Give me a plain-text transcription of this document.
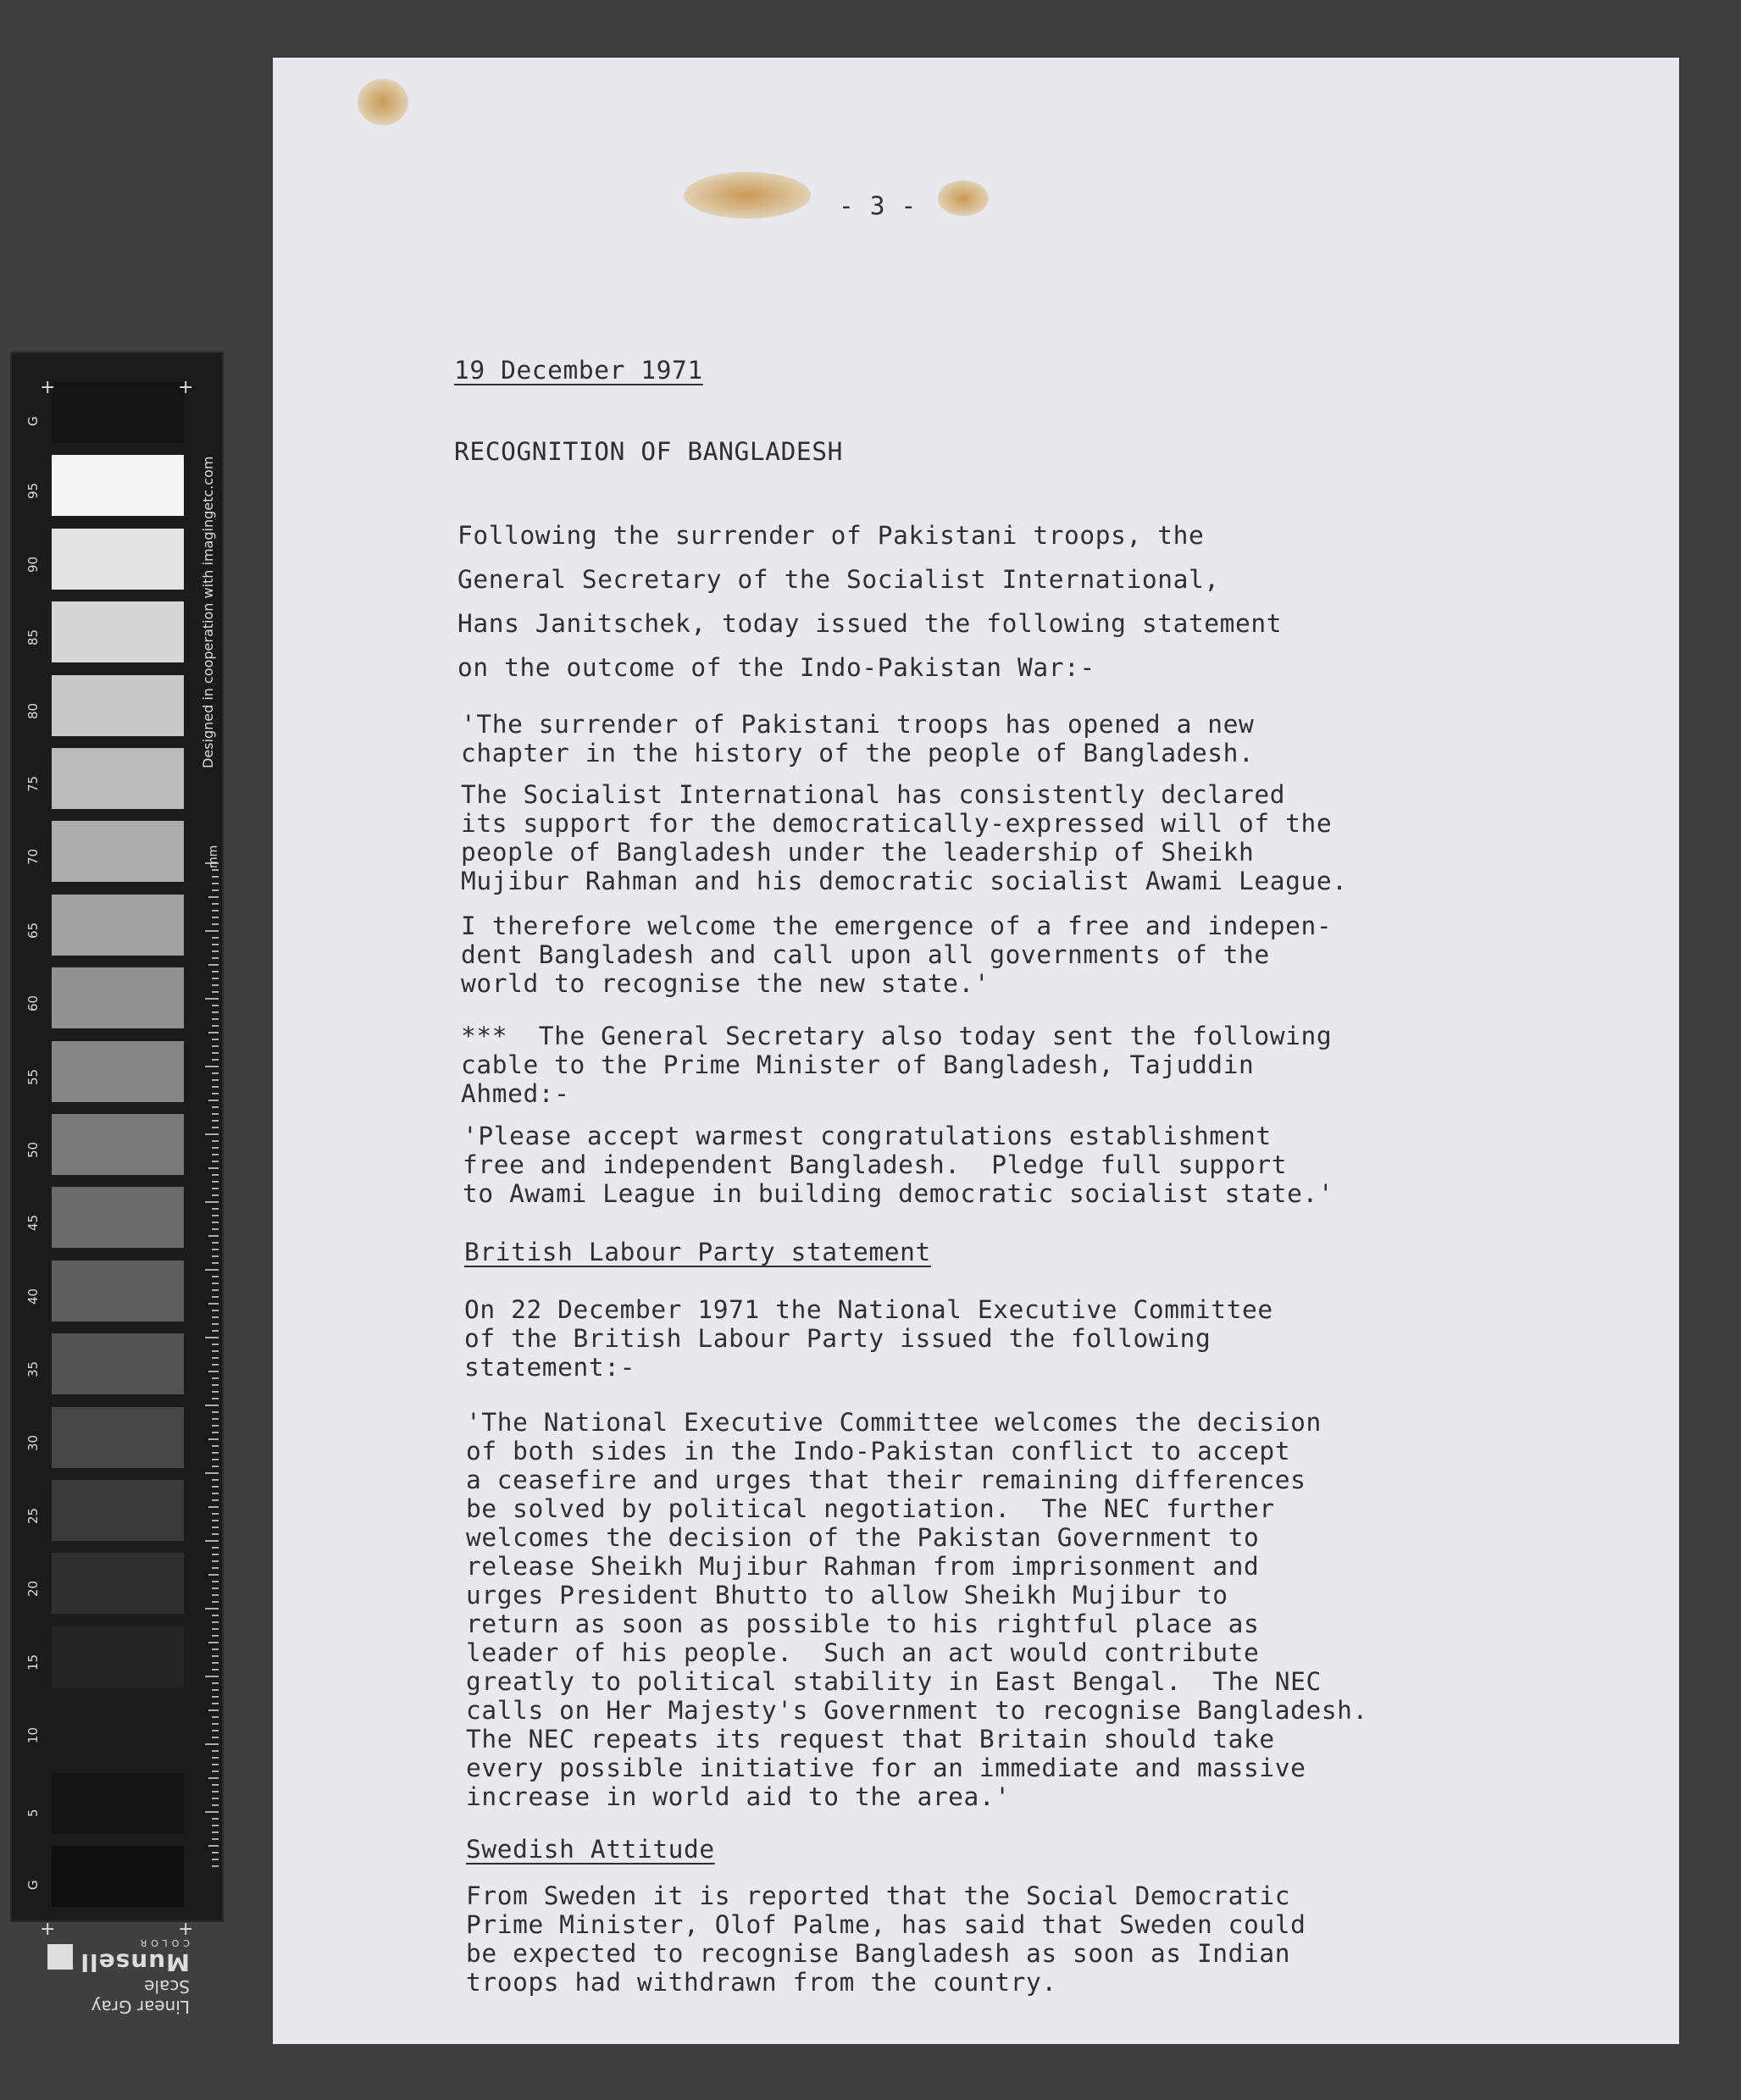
G
95
90
85
80
75
70
65
60
55
50
45
40
35
30
25
20
15
10
5
G
+	+
+	+
Designed in cooperation with imagingetc.com
mm
Linear Gray Scale
Munsell
COLOR
- 3 -
19 December 1971
RECOGNITION OF BANGLADESH
Following the surrender of Pakistani troops, the
General Secretary of the Socialist International,
Hans Janitschek, today issued the following statement
on the outcome of the Indo-Pakistan War:-
'The surrender of Pakistani troops has opened a new
chapter in the history of the people of Bangladesh.
The Socialist International has consistently declared
its support for the democratically-expressed will of the
people of Bangladesh under the leadership of Sheikh
Mujibur Rahman and his democratic socialist Awami League.
I therefore welcome the emergence of a free and indepen-
dent Bangladesh and call upon all governments of the
world to recognise the new state.'
***  The General Secretary also today sent the following
cable to the Prime Minister of Bangladesh, Tajuddin
Ahmed:-
'Please accept warmest congratulations establishment
free and independent Bangladesh.  Pledge full support
to Awami League in building democratic socialist state.'
British Labour Party statement
On 22 December 1971 the National Executive Committee
of the British Labour Party issued the following
statement:-
'The National Executive Committee welcomes the decision
of both sides in the Indo-Pakistan conflict to accept
a ceasefire and urges that their remaining differences
be solved by political negotiation.  The NEC further
welcomes the decision of the Pakistan Government to
release Sheikh Mujibur Rahman from imprisonment and
urges President Bhutto to allow Sheikh Mujibur to
return as soon as possible to his rightful place as
leader of his people.  Such an act would contribute
greatly to political stability in East Bengal.  The NEC
calls on Her Majesty's Government to recognise Bangladesh.
The NEC repeats its request that Britain should take
every possible initiative for an immediate and massive
increase in world aid to the area.'
Swedish Attitude
From Sweden it is reported that the Social Democratic
Prime Minister, Olof Palme, has said that Sweden could
be expected to recognise Bangladesh as soon as Indian
troops had withdrawn from the country.
